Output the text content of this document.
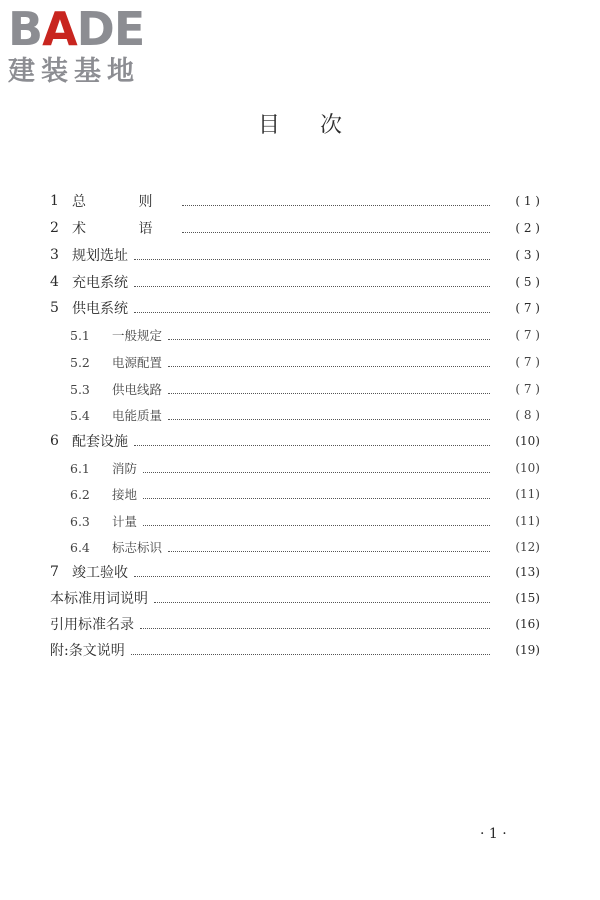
B A D E
建装基地
目次
1 总 则	( 1 )
2 术 语	( 2 )
3 规划选址	( 3 )
4 充电系统	( 5 )
5 供电系统	( 7 )
5.1	一般规定	( 7 )
5.2	电源配置	( 7 )
5.3	供电线路	( 7 )
5.4	电能质量	( 8 )
6 配套设施	(10)
6.1	消防	(10)
6.2	接地	(11)
6.3	计量	(11)
6.4	标志标识	(12)
7 竣工验收	(13)
本标准用词说明	(15)
引用标准名录	(16)
附:条文说明	(19)
· 1 ·
